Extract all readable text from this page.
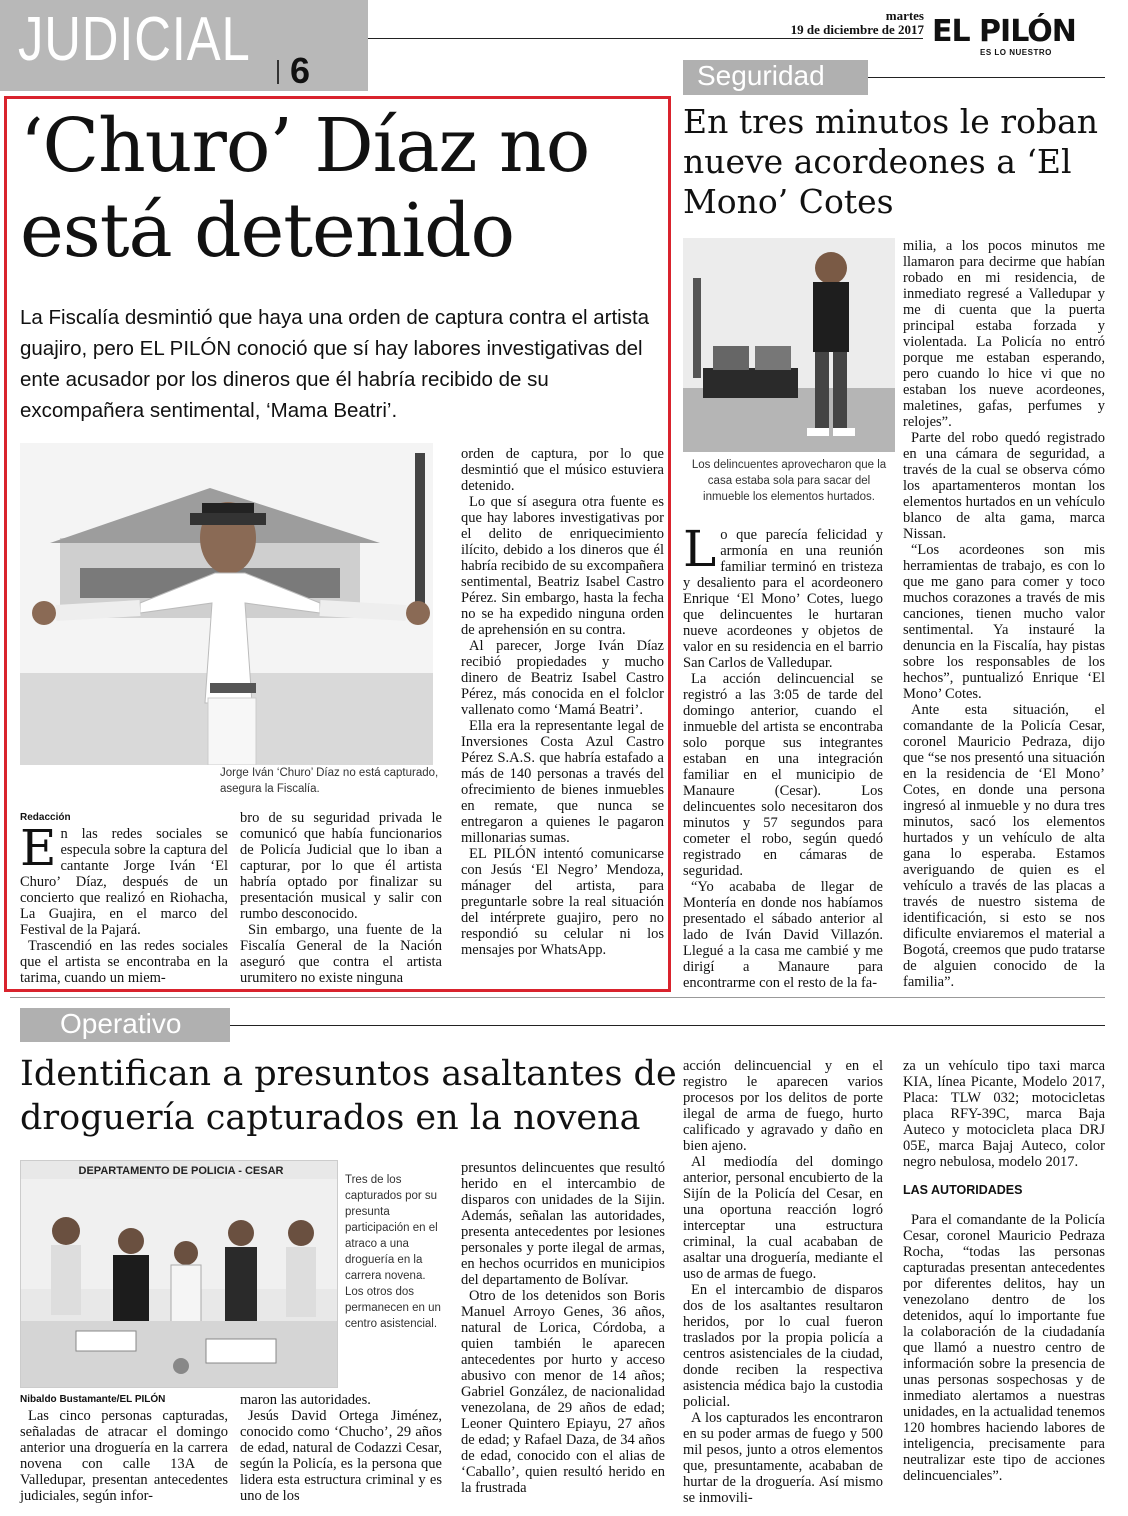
JUDICIAL 6
martes
19 de diciembre de 2017 EL PILÓN
ES LO NUESTRO
‘Churo’ Díaz no está detenido
La Fiscalía desmintió que haya una orden de captura contra el artista guajiro, pero EL PILÓN conoció que sí hay labores investigativas del ente acusador por los dineros que él habría recibido de su excompañera sentimental, ‘Mama Beatri’.
Jorge Iván ‘Churo’ Díaz no está capturado, asegura la Fiscalía.
Redacción
E n las redes sociales se especula sobre la captura del cantante Jorge Iván ‘El Churo’ Díaz, después de un concierto que realizó en Riohacha, La Guajira, en el marco del Festival de la Pajará.

Trascendió en las redes sociales que el artista se encontraba en la tarima, cuando un miem-

bro de su seguridad privada le comunicó que había funcionarios de Policía Judicial que lo iban a capturar, por lo que él artista habría optado por finalizar su presentación musical y salir con rumbo desconocido.

Sin embargo, una fuente de la Fiscalía General de la Nación aseguró que contra el artista urumitero no existe ninguna

orden de captura, por lo que desmintió que el músico estuviera detenido.

Lo que sí asegura otra fuente es que hay labores investigativas por el delito de enriquecimiento ilícito, debido a los dineros que él habría recibido de su excompañera sentimental, Beatriz Isabel Castro Pérez. Sin embargo, hasta la fecha no se ha expedido ninguna orden de aprehensión en su contra.

Al parecer, Jorge Iván Díaz recibió propiedades y mucho dinero de Beatriz Isabel Castro Pérez, más conocida en el folclor vallenato como ‘Mamá Beatri’.

Ella era la representante legal de Inversiones Costa Azul Castro Pérez S.A.S. que habría estafado a más de 140 personas a través del ofrecimiento de bienes inmuebles en remate, que nunca se entregaron a quienes le pagaron millonarias sumas.

EL PILÓN intentó comunicarse con Jesús ‘El Negro’ Mendoza, mánager del artista, para preguntarle sobre la real situación del intérprete guajiro, pero no respondió su celular ni los mensajes por WhatsApp.

Seguridad
En tres minutos le roban nueve acordeones a ‘El Mono’ Cotes
Los delincuentes aprovecharon que la casa estaba sola para sacar del inmueble los elementos hurtados.
L o que parecía felicidad y armonía en una reunión familiar terminó en tristeza y desaliento para el acordeonero Enrique ‘El Mono’ Cotes, luego que delincuentes le hurtaran nueve acordeones y objetos de valor en su residencia en el barrio San Carlos de Valledupar.

La acción delincuencial se registró a las 3:05 de tarde del domingo anterior, cuando el inmueble del artista se encontraba solo porque sus integrantes estaban en una integración familiar en el municipio de Manaure (Cesar). Los delincuentes solo necesitaron dos minutos y 57 segundos para cometer el robo, según quedó registrado en cámaras de seguridad.

“Yo acababa de llegar de Montería en donde nos habíamos presentado el sábado anterior al lado de Iván David Villazón. Llegué a la casa me cambié y me dirigí a Manaure para encontrarme con el resto de la fa-

milia, a los pocos minutos me llamaron para decirme que habían robado en mi residencia, de inmediato regresé a Valledupar y me di cuenta que la puerta principal estaba forzada y violentada. La Policía no entró porque me estaban esperando, pero cuando lo hice vi que no estaban los nueve acordeones, maletines, gafas, perfumes y relojes”.

Parte del robo quedó registrado en una cámara de seguridad, a través de la cual se observa cómo los apartamenteros montan los elementos hurtados en un vehículo blanco de alta gama, marca Nissan.

“Los acordeones son mis herramientas de trabajo, es con lo que me gano para comer y toco muchos corazones a través de mis canciones, tienen mucho valor sentimental. Ya instauré la denuncia en la Fiscalía, hay pistas sobre los responsables de los hechos”, puntualizó Enrique ‘El Mono’ Cotes.

Ante esta situación, el comandante de la Policía Cesar, coronel Mauricio Pedraza, dijo que “se nos presentó una situación en la residencia de ‘El Mono’ Cotes, en donde una persona ingresó al inmueble y no dura tres minutos, sacó los elementos hurtados y un vehículo de alta gana lo esperaba. Estamos averiguando de quien es el vehículo a través de las placas a través de nuestro sistema de identificación, si esto se nos dificulte enviaremos el material a Bogotá, creemos que pudo tratarse de alguien conocido de la familia”.

Operativo
Identifican a presuntos asaltantes de droguería capturados en la novena
DEPARTAMENTO DE POLICIA - CESAR
Tres de los capturados por su presunta participación en el atraco a una droguería en la carrera novena. Los otros dos permanecen en un centro asistencial.
Nibaldo Bustamante/EL PILÓN

Las cinco personas capturadas, señaladas de atracar el domingo anterior una droguería en la carrera novena con calle 13A de Valledupar, presentan antecedentes judiciales, según infor-

maron las autoridades.

Jesús David Ortega Jiménez, conocido como ‘Chucho’, 29 años de edad, natural de Codazzi Cesar, según la Policía, es la persona que lidera esta estructura criminal y es uno de los

presuntos delincuentes que resultó herido en el intercambio de disparos con unidades de la Sijin. Además, señalan las autoridades, presenta antecedentes por lesiones personales y porte ilegal de armas, en hechos ocurridos en municipios del departamento de Bolívar.

Otro de los detenidos son Boris Manuel Arroyo Genes, 36 años, natural de Lorica, Córdoba, a quien también le aparecen antecedentes por hurto y acceso abusivo con menor de 14 años; Gabriel González, de nacionalidad venezolana, de 29 años de edad; Leoner Quintero Epiayu, 27 años de edad; y Rafael Daza, de 34 años de edad, conocido con el alias de ‘Caballo’, quien resultó herido en la frustrada

acción delincuencial y en el registro le aparecen varios procesos por los delitos de porte ilegal de arma de fuego, hurto calificado y agravado y daño en bien ajeno.

Al mediodía del domingo anterior, personal encubierto de la Sijín de la Policía del Cesar, en una oportuna reacción logró interceptar una estructura criminal, la cual acababan de asaltar una droguería, mediante el uso de armas de fuego.

En el intercambio de disparos dos de los asaltantes resultaron heridos, por lo cual fueron traslados por la propia policía a centros asistenciales de la ciudad, donde reciben la respectiva asistencia médica bajo la custodia policial.

A los capturados les encontraron en su poder armas de fuego y 500 mil pesos, junto a otros elementos que, presuntamente, acababan de hurtar de la droguería. Así mismo se inmovili-

za un vehículo tipo taxi marca KIA, línea Picante, Modelo 2017, Placa: TLW 032; motocicletas placa RFY-39C, marca Baja Auteco y motocicleta placa DRJ 05E, marca Bajaj Auteco, color negro nebulosa, modelo 2017.

LAS AUTORIDADES

Para el comandante de la Policía Cesar, coronel Mauricio Pedraza Rocha, “todas las personas capturadas presentan antecedentes por diferentes delitos, hay un venezolano dentro de los detenidos, aquí lo importante fue la colaboración de la ciudadanía que llamó a nuestro centro de información sobre la presencia de unas personas sospechosas y de inmediato alertamos a nuestras unidades, en la actualidad tenemos 120 hombres haciendo labores de inteligencia, precisamente para neutralizar este tipo de acciones delincuenciales”.
